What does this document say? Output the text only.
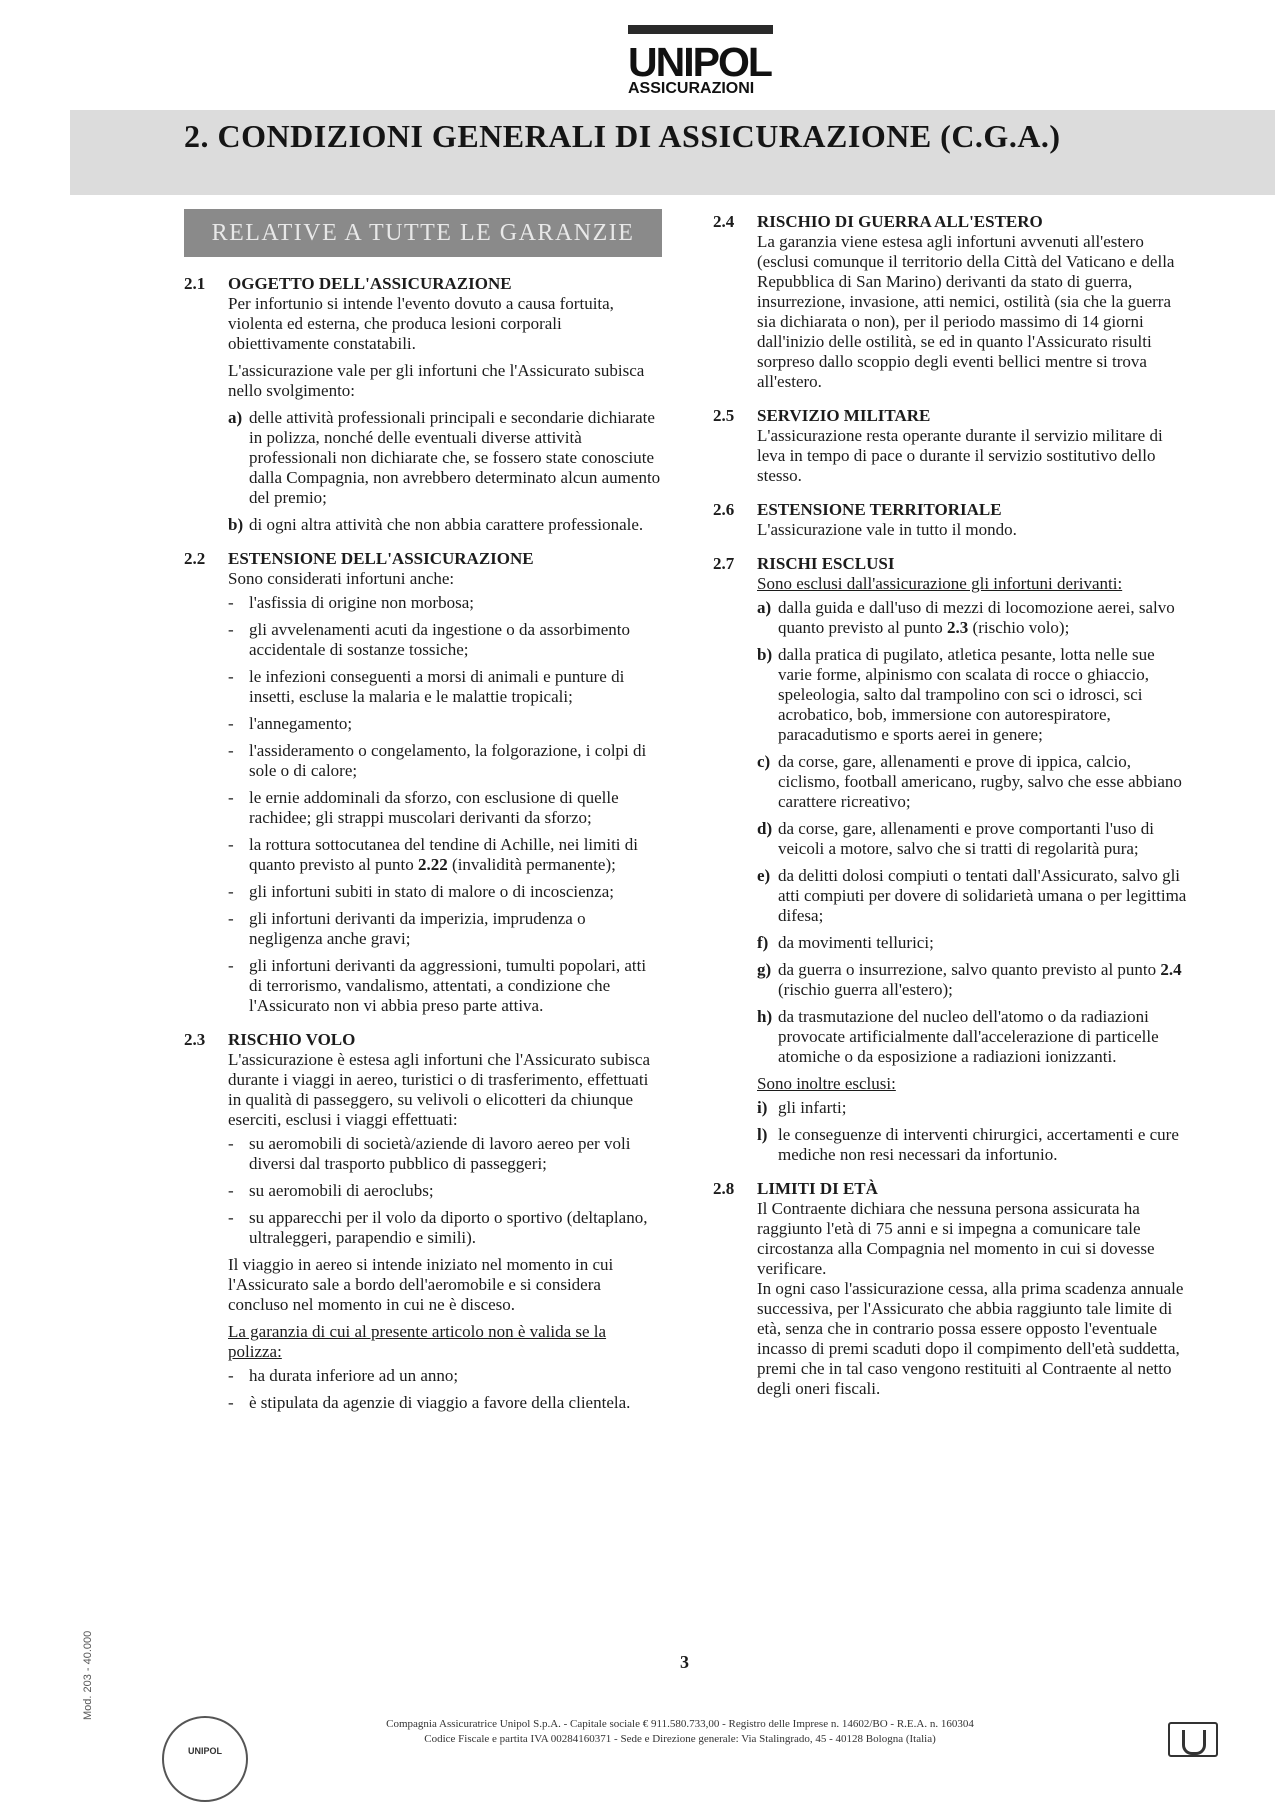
UNIPOL
ASSICURAZIONI
2. CONDIZIONI GENERALI DI ASSICURAZIONE (C.G.A.)
RELATIVE A TUTTE LE GARANZIE
2.1 OGGETTO DELL'ASSICURAZIONE

Per infortunio si intende l'evento dovuto a causa fortuita, violenta ed esterna, che produca lesioni corporali obiettivamente constatabili.

L'assicurazione vale per gli infortuni che l'Assicurato subisca nello svolgimento:

a) delle attività professionali principali e secondarie dichiarate in polizza, nonché delle eventuali diverse attività professionali non dichiarate che, se fossero state conosciute dalla Compagnia, non avrebbero determinato alcun aumento del premio;
b) di ogni altra attività che non abbia carattere professionale.
2.2 ESTENSIONE DELL'ASSICURAZIONE

Sono considerati infortuni anche:

- l'asfissia di origine non morbosa;
- gli avvelenamenti acuti da ingestione o da assorbimento accidentale di sostanze tossiche;
- le infezioni conseguenti a morsi di animali e punture di insetti, escluse la malaria e le malattie tropicali;
- l'annegamento;
- l'assideramento o congelamento, la folgorazione, i colpi di sole o di calore;
- le ernie addominali da sforzo, con esclusione di quelle rachidee; gli strappi muscolari derivanti da sforzo;
- la rottura sottocutanea del tendine di Achille, nei limiti di quanto previsto al punto 2.22 (invalidità permanente);
- gli infortuni subiti in stato di malore o di incoscienza;
- gli infortuni derivanti da imperizia, imprudenza o negligenza anche gravi;
- gli infortuni derivanti da aggressioni, tumulti popolari, atti di terrorismo, vandalismo, attentati, a condizione che l'Assicurato non vi abbia preso parte attiva.
2.3 RISCHIO VOLO

L'assicurazione è estesa agli infortuni che l'Assicurato subisca durante i viaggi in aereo, turistici o di trasferimento, effettuati in qualità di passeggero, su velivoli o elicotteri da chiunque eserciti, esclusi i viaggi effettuati:

- su aeromobili di società/aziende di lavoro aereo per voli diversi dal trasporto pubblico di passeggeri;
- su aeromobili di aeroclubs;
- su apparecchi per il volo da diporto o sportivo (deltaplano, ultraleggeri, parapendio e simili).

Il viaggio in aereo si intende iniziato nel momento in cui l'Assicurato sale a bordo dell'aeromobile e si considera concluso nel momento in cui ne è disceso.

La garanzia di cui al presente articolo non è valida se la polizza:

- ha durata inferiore ad un anno;
- è stipulata da agenzie di viaggio a favore della clientela.
2.4 RISCHIO DI GUERRA ALL'ESTERO

La garanzia viene estesa agli infortuni avvenuti all'estero (esclusi comunque il territorio della Città del Vaticano e della Repubblica di San Marino) derivanti da stato di guerra, insurrezione, invasione, atti nemici, ostilità (sia che la guerra sia dichiarata o non), per il periodo massimo di 14 giorni dall'inizio delle ostilità, se ed in quanto l'Assicurato risulti sorpreso dallo scoppio degli eventi bellici mentre si trova all'estero.

2.5 SERVIZIO MILITARE

L'assicurazione resta operante durante il servizio militare di leva in tempo di pace o durante il servizio sostitutivo dello stesso.

2.6 ESTENSIONE TERRITORIALE

L'assicurazione vale in tutto il mondo.

2.7 RISCHI ESCLUSI

Sono esclusi dall'assicurazione gli infortuni derivanti:

a) dalla guida e dall'uso di mezzi di locomozione aerei, salvo quanto previsto al punto 2.3 (rischio volo);
b) dalla pratica di pugilato, atletica pesante, lotta nelle sue varie forme, alpinismo con scalata di rocce o ghiaccio, speleologia, salto dal trampolino con sci o idrosci, sci acrobatico, bob, immersione con autorespiratore, paracadutismo e sports aerei in genere;
c) da corse, gare, allenamenti e prove di ippica, calcio, ciclismo, football americano, rugby, salvo che esse abbiano carattere ricreativo;
d) da corse, gare, allenamenti e prove comportanti l'uso di veicoli a motore, salvo che si tratti di regolarità pura;
e) da delitti dolosi compiuti o tentati dall'Assicurato, salvo gli atti compiuti per dovere di solidarietà umana o per legittima difesa;
f) da movimenti tellurici;
g) da guerra o insurrezione, salvo quanto previsto al punto 2.4 (rischio guerra all'estero);
h) da trasmutazione del nucleo dell'atomo o da radiazioni provocate artificialmente dall'accelerazione di particelle atomiche o da esposizione a radiazioni ionizzanti.

Sono inoltre esclusi:

i) gli infarti;
l) le conseguenze di interventi chirurgici, accertamenti e cure mediche non resi necessari da infortunio.
2.8 LIMITI DI ETÀ

Il Contraente dichiara che nessuna persona assicurata ha raggiunto l'età di 75 anni e si impegna a comunicare tale circostanza alla Compagnia nel momento in cui si dovesse verificare.

In ogni caso l'assicurazione cessa, alla prima scadenza annuale successiva, per l'Assicurato che abbia raggiunto tale limite di età, senza che in contrario possa essere opposto l'eventuale incasso di premi scaduti dopo il compimento dell'età suddetta, premi che in tal caso vengono restituiti al Contraente al netto degli oneri fiscali.

Mod. 203 - 40.000	3
UNIPOL
Compagnia Assicuratrice Unipol S.p.A. - Capitale sociale € 911.580.733,00 - Registro delle Imprese n. 14602/BO - R.E.A. n. 160304
Codice Fiscale e partita IVA 00284160371 - Sede e Direzione generale: Via Stalingrado, 45 - 40128 Bologna (Italia)
